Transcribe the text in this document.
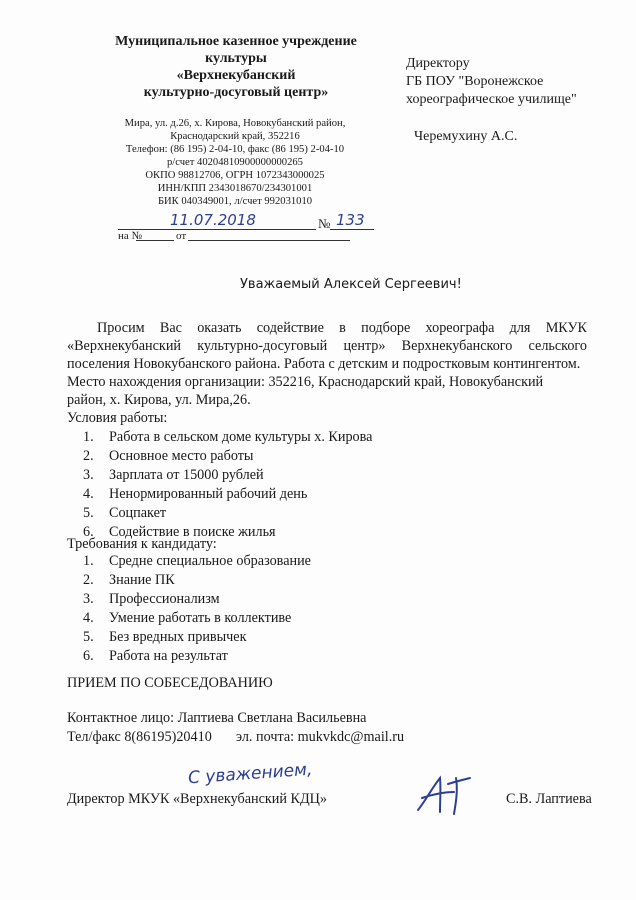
Муниципальное казенное учреждение
культуры
«Верхнекубанский
культурно-досуговый центр»
Мира, ул. д.26, х. Кирова, Новокубанский район,
Краснодарский край, 352216
Телефон: (86 195) 2-04-10, факс (86 195) 2-04-10
р/счет 40204810900000000265
ОКПО 98812706, ОГРН 1072343000025
ИНН/КПП 2343018670/234301001
БИК 040349001, л/счет 992031010
Директору
ГБ ПОУ "Воронежское
хореографическое училище"
Черемухину А.С.
11.07.2018	№ 133
на №	от
Уважаемый Алексей Сергеевич!
Просим Вас оказать содействие в подборе хореографа для МКУК
«Верхнекубанский культурно-досуговый центр» Верхнекубанского сельского
поселения Новокубанского района. Работа с детским и подростковым контингентом.
Место нахождения организации: 352216, Краснодарский край, Новокубанский
район, х. Кирова, ул. Мира,26.
Условия работы:
1. Работа в сельском доме культуры х. Кирова
2. Основное место работы
3. Зарплата от 15000 рублей
4. Ненормированный рабочий день
5. Соцпакет
6. Содействие в поиске жилья
Требования к кандидату:
1. Средне специальное образование
2. Знание ПК
3. Профессионализм
4. Умение работать в коллективе
5. Без вредных привычек
6. Работа на результат
ПРИЕМ ПО СОБЕСЕДОВАНИЮ
Контактное лицо: Лаптиева Светлана Васильевна
Тел/факс 8(86195)20410 эл. почта: mukvkdc@mail.ru
С уважением,
Директор МКУК «Верхнекубанский КДЦ»	С.В. Лаптиева
